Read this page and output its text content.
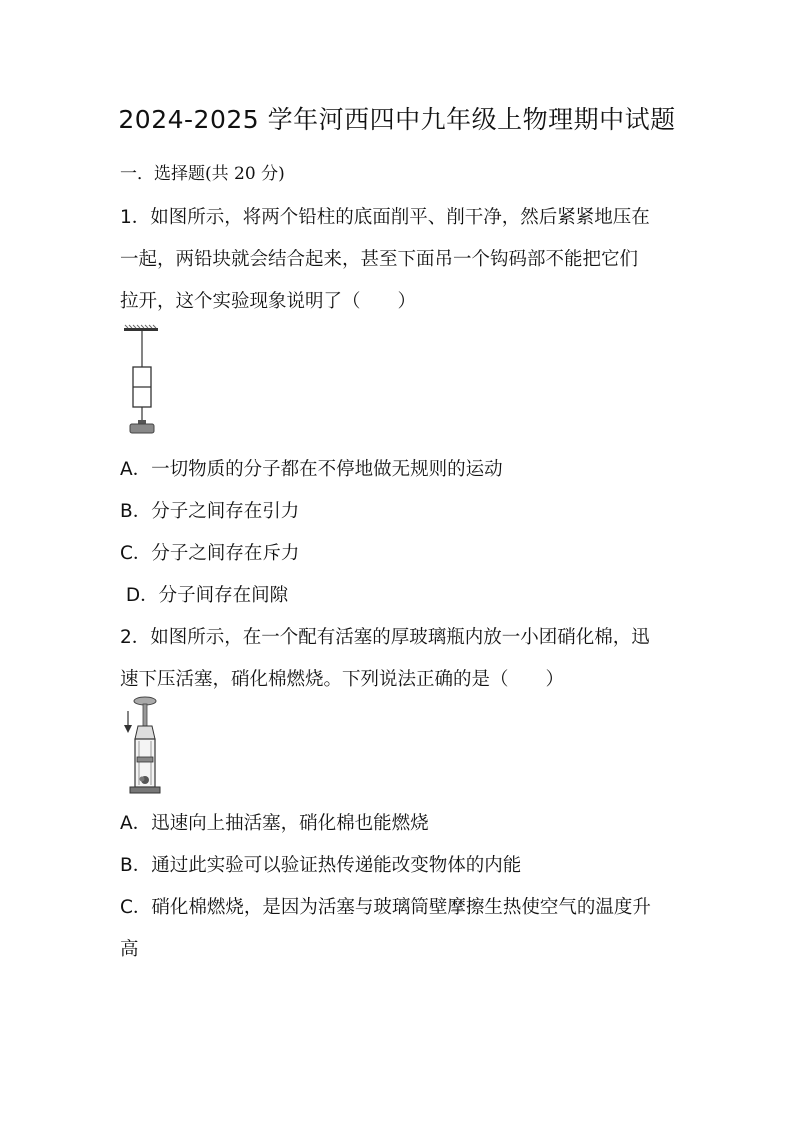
2024-2025 学年河西四中九年级上物理期中试题
一．选择题(共 20 分)
1．如图所示，将两个铅柱的底面削平、削干净，然后紧紧地压在
一起，两铅块就会结合起来，甚至下面吊一个钩码部不能把它们
拉开，这个实验现象说明了（　　）
A．一切物质的分子都在不停地做无规则的运动
B．分子之间存在引力
C．分子之间存在斥力
D．分子间存在间隙
2．如图所示，在一个配有活塞的厚玻璃瓶内放一小团硝化棉，迅
速下压活塞，硝化棉燃烧。下列说法正确的是（　　）
A．迅速向上抽活塞，硝化棉也能燃烧
B．通过此实验可以验证热传递能改变物体的内能
C．硝化棉燃烧，是因为活塞与玻璃筒壁摩擦生热使空气的温度升
高
